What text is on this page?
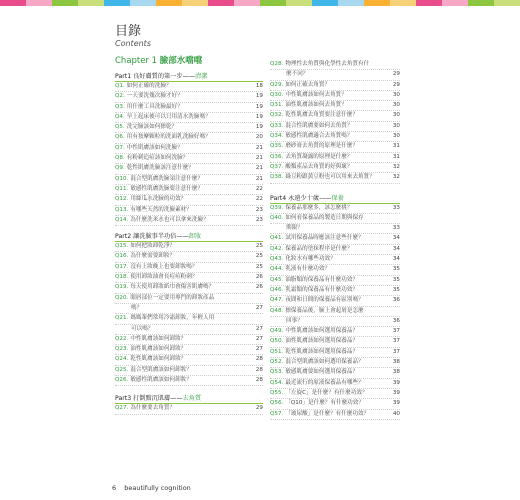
目錄
Contents
Chapter 1 臉部水噹噹
Part1 良好膚質的第一步——清潔
Q1. 如何正確的洗臉？	18
Q2. 一天要洗幾次臉才好？	19
Q3. 用什麼工具洗臉最好？	19
Q4. 早上起床後可以只用清水洗臉嗎？	19
Q5. 洗完臉該如何擦乾？	19
Q6. 用有按摩顆粒的洗面乳洗臉好嗎？	20
Q7. 中性肌膚該如何洗臉？	21
Q8. 有粉刺追痘該如何洗臉？	21
Q9. 乾性肌膚洗臉該注意什麼？	21
Q10. 混合型肌膚洗臉須注意什麼？	21
Q11. 敏感性肌膚洗臉要注意什麼？	22
Q12. 用絲瓜水洗臉的功效？	22
Q13. 有哪些天然的洗臉素材？	23
Q14. 為什麼洗米水也可以拿來洗臉？	23
Part2 讓洗臉事半功倍——卸妝
Q15. 如何把妝卸乾淨？	25
Q16. 為什麼需要卸妝？	25
Q17. 沒有上妝晚上也要卸妝嗎？	25
Q18. 使用卸妝油會長痘痘粉刺？	26
Q19. 每天使用卸妝紙巾會傷害肌膚嗎？	26
Q20. 眼唇部位一定要用專門的卸妝產品
嗎？	27
Q21. 媽媽輩們常用冷霜卸妝，年輕人用
可以嗎？	27
Q22. 中性肌膚該如何卸妝？	27
Q23. 油性肌膚該如何卸妝？	27
Q24. 乾性肌膚該如何卸妝？	28
Q25. 混合型肌膚該如何卸妝？	28
Q26. 敏感性肌膚該如何卸妝？	28
Part3 打倒黯沉肌膚——去角質
Q27. 為什麼要去角質？	29
Q28. 物理性去角質與化學性去角質有什
麼不同？	29
Q29. 如何正確去角質？	29
Q30. 中性肌膚該如何去角質？	30
Q31. 油性肌膚該如何去角質？	30
Q32. 乾性肌膚去角質要注意什麼？	30
Q33. 混合性肌膚要如何去角質？	30
Q34. 敏感性肌膚適合去角質嗎？	30
Q35. 磨砂膏去角質的原理是什麼？	31
Q36. 去角質凝露的原理是什麼？	31
Q37. 酸類產品去角質的好與壞？	32
Q38. 綠豆粉跟黃豆粉也可以用來去角質？	32
Part4 永遠少十歲——保養
Q39. 保養品那麼多，該怎麼挑？	33
Q40. 如何看保養品的製造日期與保存
期限？	33
Q41. 試用保養品時應該注意些什麼？	34
Q42. 保養品的塗抹程序是什麼？	34
Q43. 化妝水有哪些功效？	34
Q44. 乳液有什麼功效？	35
Q45. 油脂類的保養品有什麼功效？	35
Q46. 乳霜類的保養品有什麼功效？	35
Q47. 夜間和日間的保養品有區別嗎？	36
Q48. 擦保養品後，臉上會起屑是怎麼
回事？	36
Q49. 中性肌膚該如何選用保養品？	37
Q50. 油性肌膚該如何選用保養品？	37
Q51. 乾性肌膚該如何選用保養品？	37
Q52. 混合型肌膚該如何選用保養品？	38
Q53. 敏感肌膚要如何選用保養品？	38
Q54. 最近流行的原液保養品有哪些？	39
Q55. 「左旋C」是什麼？有什麼功效？	39
Q56. 「Q10」是什麼？有什麼功效？	39
Q57. 「玻尿酸」是什麼？有什麼功效？	40
6 beautifully cognition
